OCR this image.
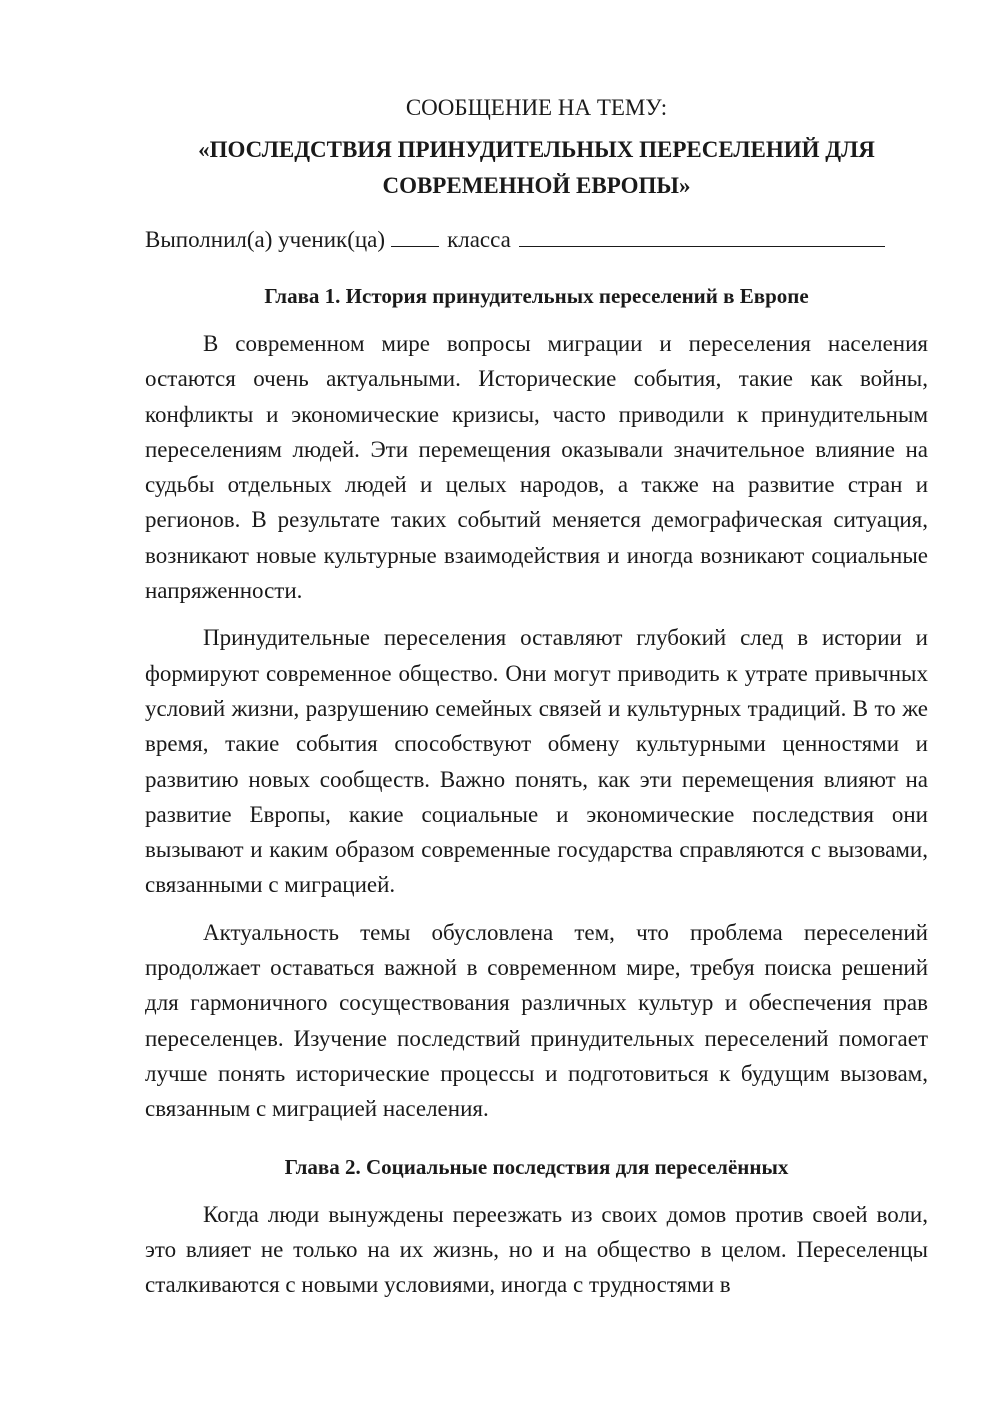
СООБЩЕНИЕ НА ТЕМУ:

«ПОСЛЕДСТВИЯ ПРИНУДИТЕЛЬНЫХ ПЕРЕСЕЛЕНИЙ ДЛЯ СОВРЕМЕННОЙ ЕВРОПЫ»

Выполнил(а) ученик(ца)	класса

Глава 1. История принудительных переселений в Европе

В современном мире вопросы миграции и переселения населения остаются очень актуальными. Исторические события, такие как войны, конфликты и экономические кризисы, часто приводили к принудительным переселениям людей. Эти перемещения оказывали значительное влияние на судьбы отдельных людей и целых народов, а также на развитие стран и регионов. В результате таких событий меняется демографическая ситуация, возникают новые культурные взаимодействия и иногда возникают социальные напряженности.

Принудительные переселения оставляют глубокий след в истории и формируют современное общество. Они могут приводить к утрате привычных условий жизни, разрушению семейных связей и культурных традиций. В то же время, такие события способствуют обмену культурными ценностями и развитию новых сообществ. Важно понять, как эти перемещения влияют на развитие Европы, какие социальные и экономические последствия они вызывают и каким образом современные государства справляются с вызовами, связанными с миграцией.

Актуальность темы обусловлена тем, что проблема переселений продолжает оставаться важной в современном мире, требуя поиска решений для гармоничного сосуществования различных культур и обеспечения прав переселенцев. Изучение последствий принудительных переселений помогает лучше понять исторические процессы и подготовиться к будущим вызовам, связанным с миграцией населения.

Глава 2. Социальные последствия для переселённых

Когда люди вынуждены переезжать из своих домов против своей воли, это влияет не только на их жизнь, но и на общество в целом. Переселенцы сталкиваются с новыми условиями, иногда с трудностями в
